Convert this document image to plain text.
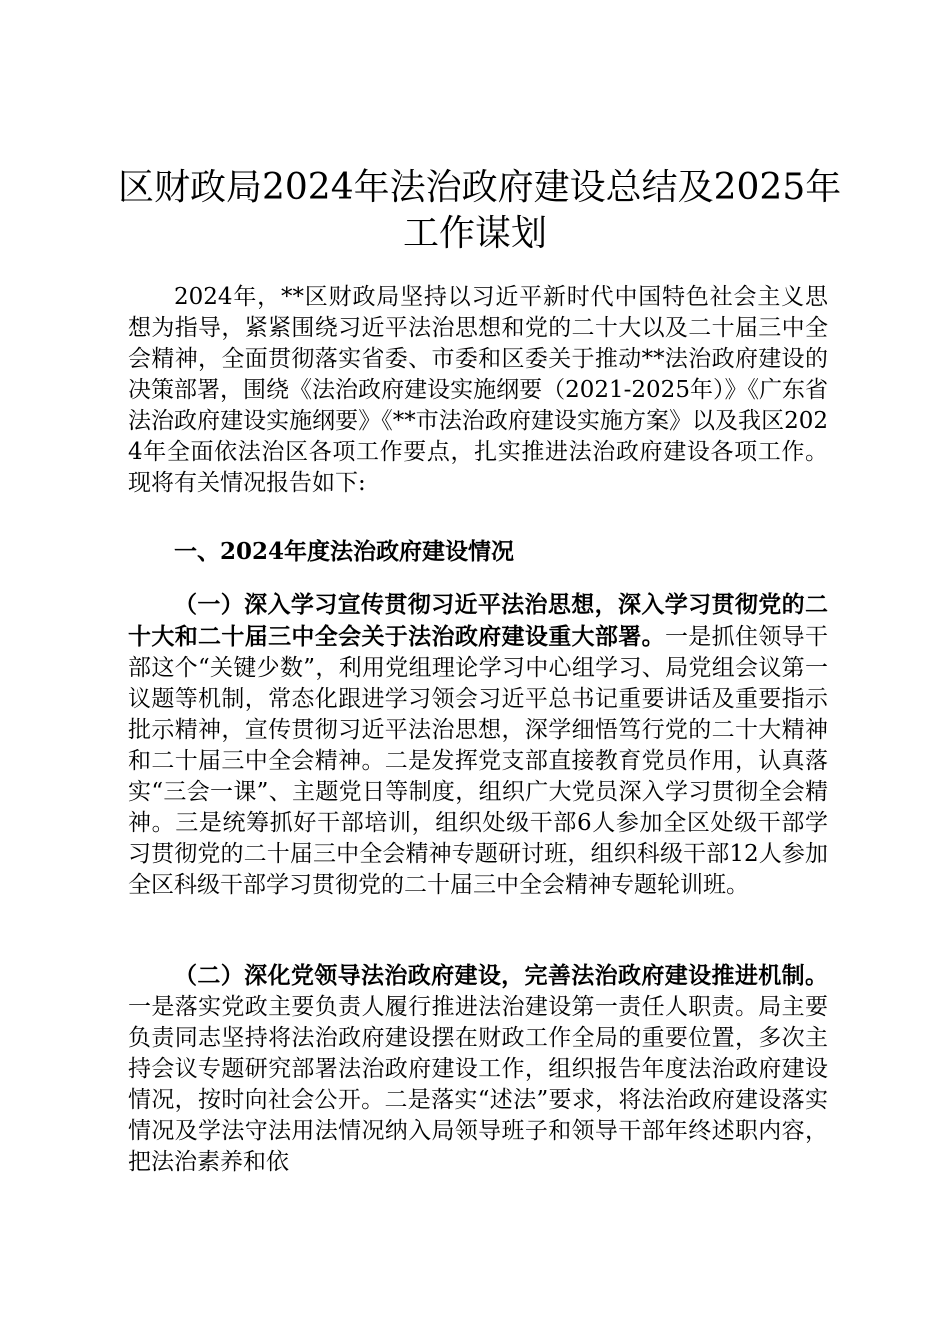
区财政局2024年法治政府建设总结及2025年
工作谋划

2024年，**区财政局坚持以习近平新时代中国特色社会主义思想为指导，紧紧围绕习近平法治思想和党的二十大以及二十届三中全会精神，全面贯彻落实省委、市委和区委关于推动**法治政府建设的决策部署，围绕《法治政府建设实施纲要（2021-2025年）》《广东省法治政府建设实施纲要》《**市法治政府建设实施方案》以及我区2024年全面依法治区各项工作要点，扎实推进法治政府建设各项工作。现将有关情况报告如下:

一、2024年度法治政府建设情况

（一）深入学习宣传贯彻习近平法治思想，深入学习贯彻党的二十大和二十届三中全会关于法治政府建设重大部署。一是抓住领导干部这个“关键少数”，利用党组理论学习中心组学习、局党组会议第一议题等机制，常态化跟进学习领会习近平总书记重要讲话及重要指示批示精神，宣传贯彻习近平法治思想，深学细悟笃行党的二十大精神和二十届三中全会精神。二是发挥党支部直接教育党员作用，认真落实“三会一课”、主题党日等制度，组织广大党员深入学习贯彻全会精神。三是统筹抓好干部培训，组织处级干部6人参加全区处级干部学习贯彻党的二十届三中全会精神专题研讨班，组织科级干部12人参加全区科级干部学习贯彻党的二十届三中全会精神专题轮训班。

（二）深化党领导法治政府建设，完善法治政府建设推进机制。一是落实党政主要负责人履行推进法治建设第一责任人职责。局主要负责同志坚持将法治政府建设摆在财政工作全局的重要位置，多次主持会议专题研究部署法治政府建设工作，组织报告年度法治政府建设情况，按时向社会公开。二是落实“述法”要求，将法治政府建设落实情况及学法守法用法情况纳入局领导班子和领导干部年终述职内容，把法治素养和依
